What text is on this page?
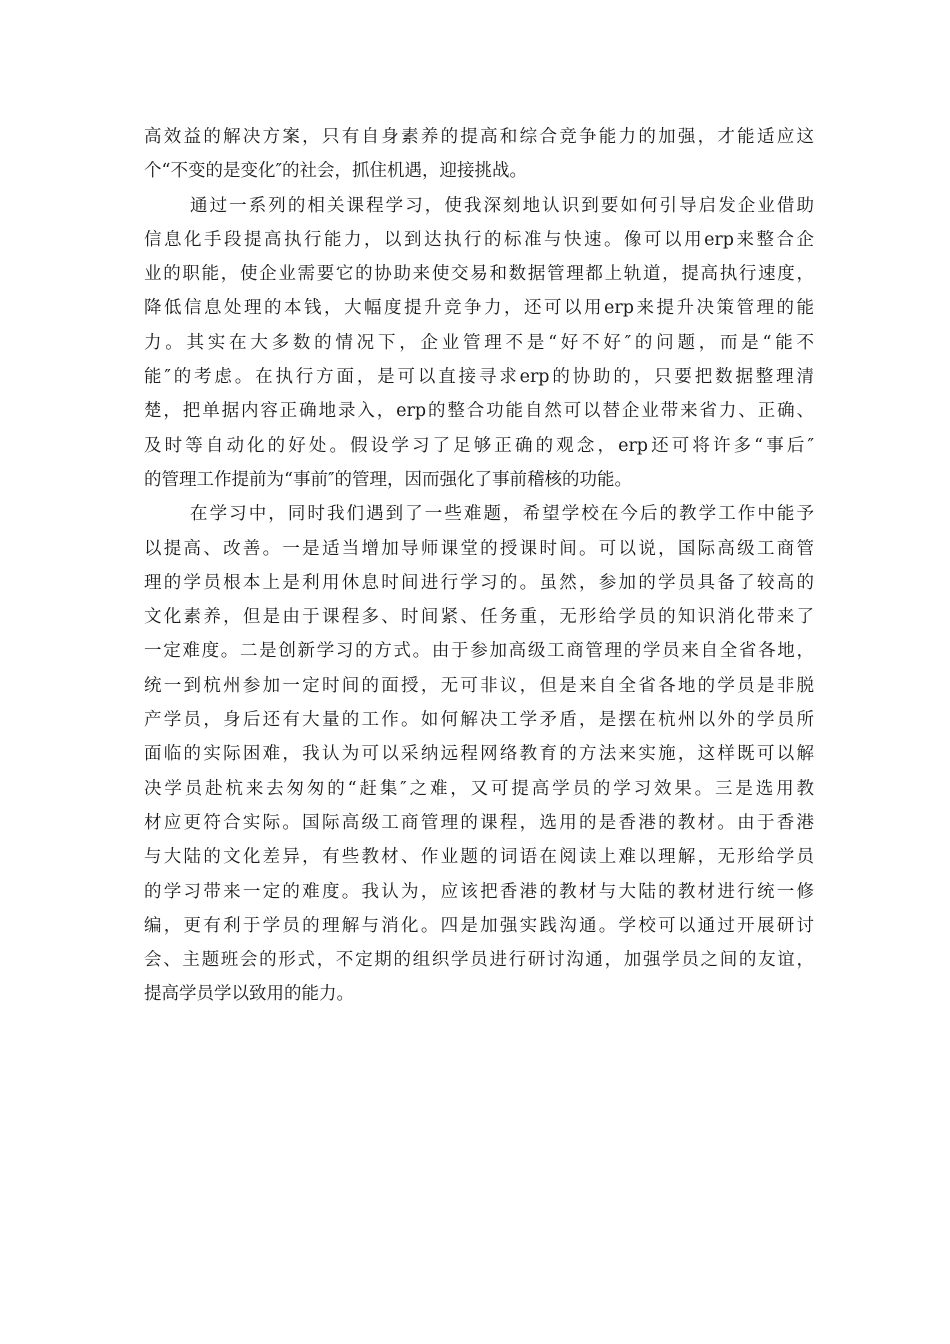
高效益的解决方案，只有自身素养的提高和综合竞争能力的加强，才能适应这
个“不变的是变化″的社会，抓住机遇，迎接挑战。
通过一系列的相关课程学习，使我深刻地认识到要如何引导启发企业借助
信息化手段提高执行能力，以到达执行的标准与快速。像可以用erp来整合企
业的职能，使企业需要它的协助来使交易和数据管理都上轨道，提高执行速度，
降低信息处理的本钱，大幅度提升竞争力，还可以用erp来提升决策管理的能
力。其实在大多数的情况下，企业管理不是“好不好″的问题，而是“能不
能″的考虑。在执行方面，是可以直接寻求erp的协助的，只要把数据整理清
楚，把单据内容正确地录入，erp的整合功能自然可以替企业带来省力、正确、
及时等自动化的好处。假设学习了足够正确的观念，erp还可将许多“事后″
的管理工作提前为“事前″的管理，因而强化了事前稽核的功能。
在学习中，同时我们遇到了一些难题，希望学校在今后的教学工作中能予
以提高、改善。一是适当增加导师课堂的授课时间。可以说，国际高级工商管
理的学员根本上是利用休息时间进行学习的。虽然，参加的学员具备了较高的
文化素养，但是由于课程多、时间紧、任务重，无形给学员的知识消化带来了
一定难度。二是创新学习的方式。由于参加高级工商管理的学员来自全省各地，
统一到杭州参加一定时间的面授，无可非议，但是来自全省各地的学员是非脱
产学员，身后还有大量的工作。如何解决工学矛盾，是摆在杭州以外的学员所
面临的实际困难，我认为可以采纳远程网络教育的方法来实施，这样既可以解
决学员赴杭来去匆匆的“赶集″之难，又可提高学员的学习效果。三是选用教
材应更符合实际。国际高级工商管理的课程，选用的是香港的教材。由于香港
与大陆的文化差异，有些教材、作业题的词语在阅读上难以理解，无形给学员
的学习带来一定的难度。我认为，应该把香港的教材与大陆的教材进行统一修
编，更有利于学员的理解与消化。四是加强实践沟通。学校可以通过开展研讨
会、主题班会的形式，不定期的组织学员进行研讨沟通，加强学员之间的友谊，
提高学员学以致用的能力。
